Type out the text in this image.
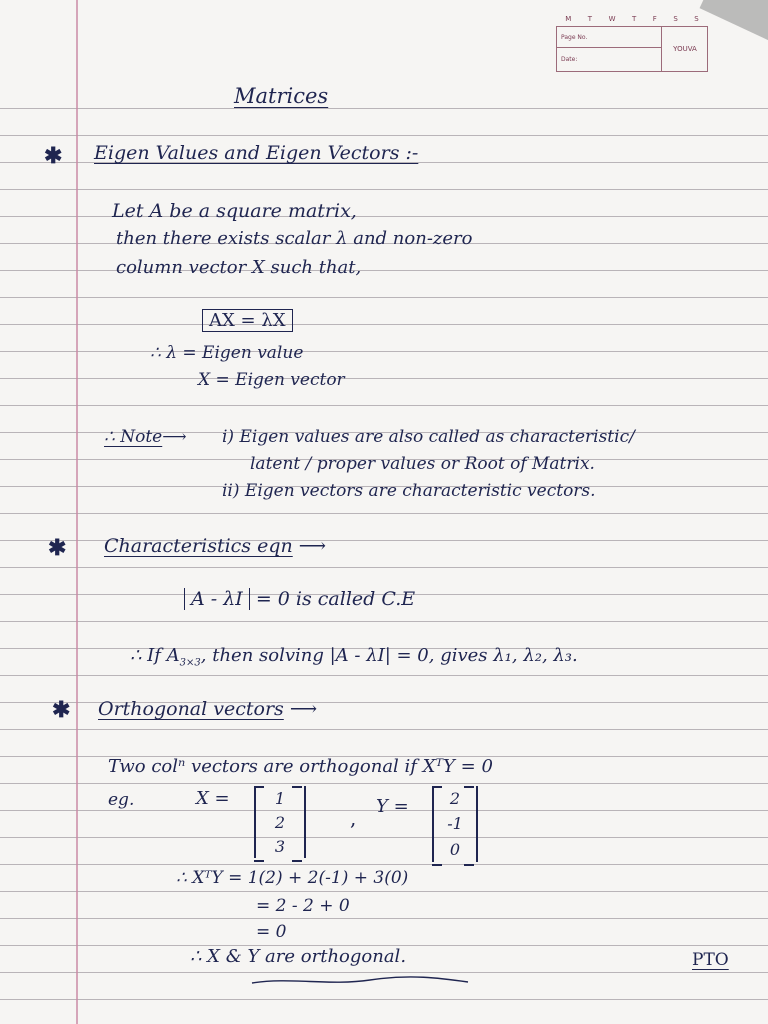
M T W T F S S
Page No.
Date:
YOUVA
Matrices
✱ Eigen Values and Eigen Vectors :-
Let A be a square matrix,
then there exists scalar λ and non-zero
column vector X such that,
AX = λX
∴ λ = Eigen value
X = Eigen vector
∴ Note⟶ i) Eigen values are also called as characteristic/
latent / proper values or Root of Matrix.
ii) Eigen vectors are characteristic vectors.
✱ Characteristics eqn ⟶
A - λI = 0 is called C.E
∴ If $A_{3\times 3}$, then solving |A - λI| = 0, gives λ₁, λ₂, λ₃.
✱ Orthogonal vectors ⟶
Two colⁿ vectors are orthogonal if XᵀY = 0
eg.	X =	1
2
3
, Y =	2
-1
0
∴ XᵀY = 1(2) + 2(-1) + 3(0)
= 2 - 2 + 0
= 0
∴ X & Y are orthogonal.	PTO
